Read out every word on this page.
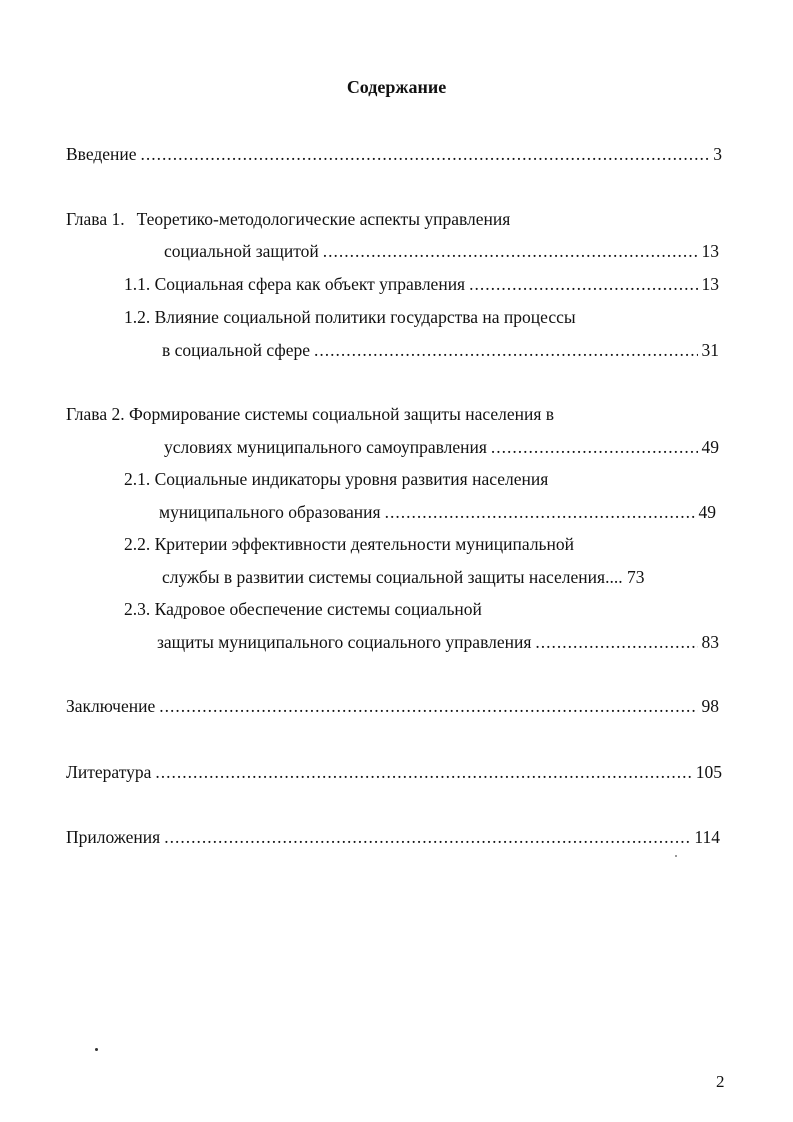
Содержание
Введение .....	3
Глава 1. Теоретико-методологические аспекты управления
социальной защитой .....	13
1.1. Социальная сфера как объект управления .....	13
1.2. Влияние социальной политики государства на процессы
в социальной сфере .....	31
Глава 2. Формирование системы социальной защиты населения в
условиях муниципального самоуправления .....	49
2.1. Социальные индикаторы уровня развития населения
муниципального образования .....	49
2.2. Критерии эффективности деятельности муниципальной
службы в развитии системы социальной защиты населения.... 73
2.3. Кадровое обеспечение системы социальной
защиты муниципального социального управления .....	83
Заключение .....	98
Литература .....	105
Приложения .....	114
2
